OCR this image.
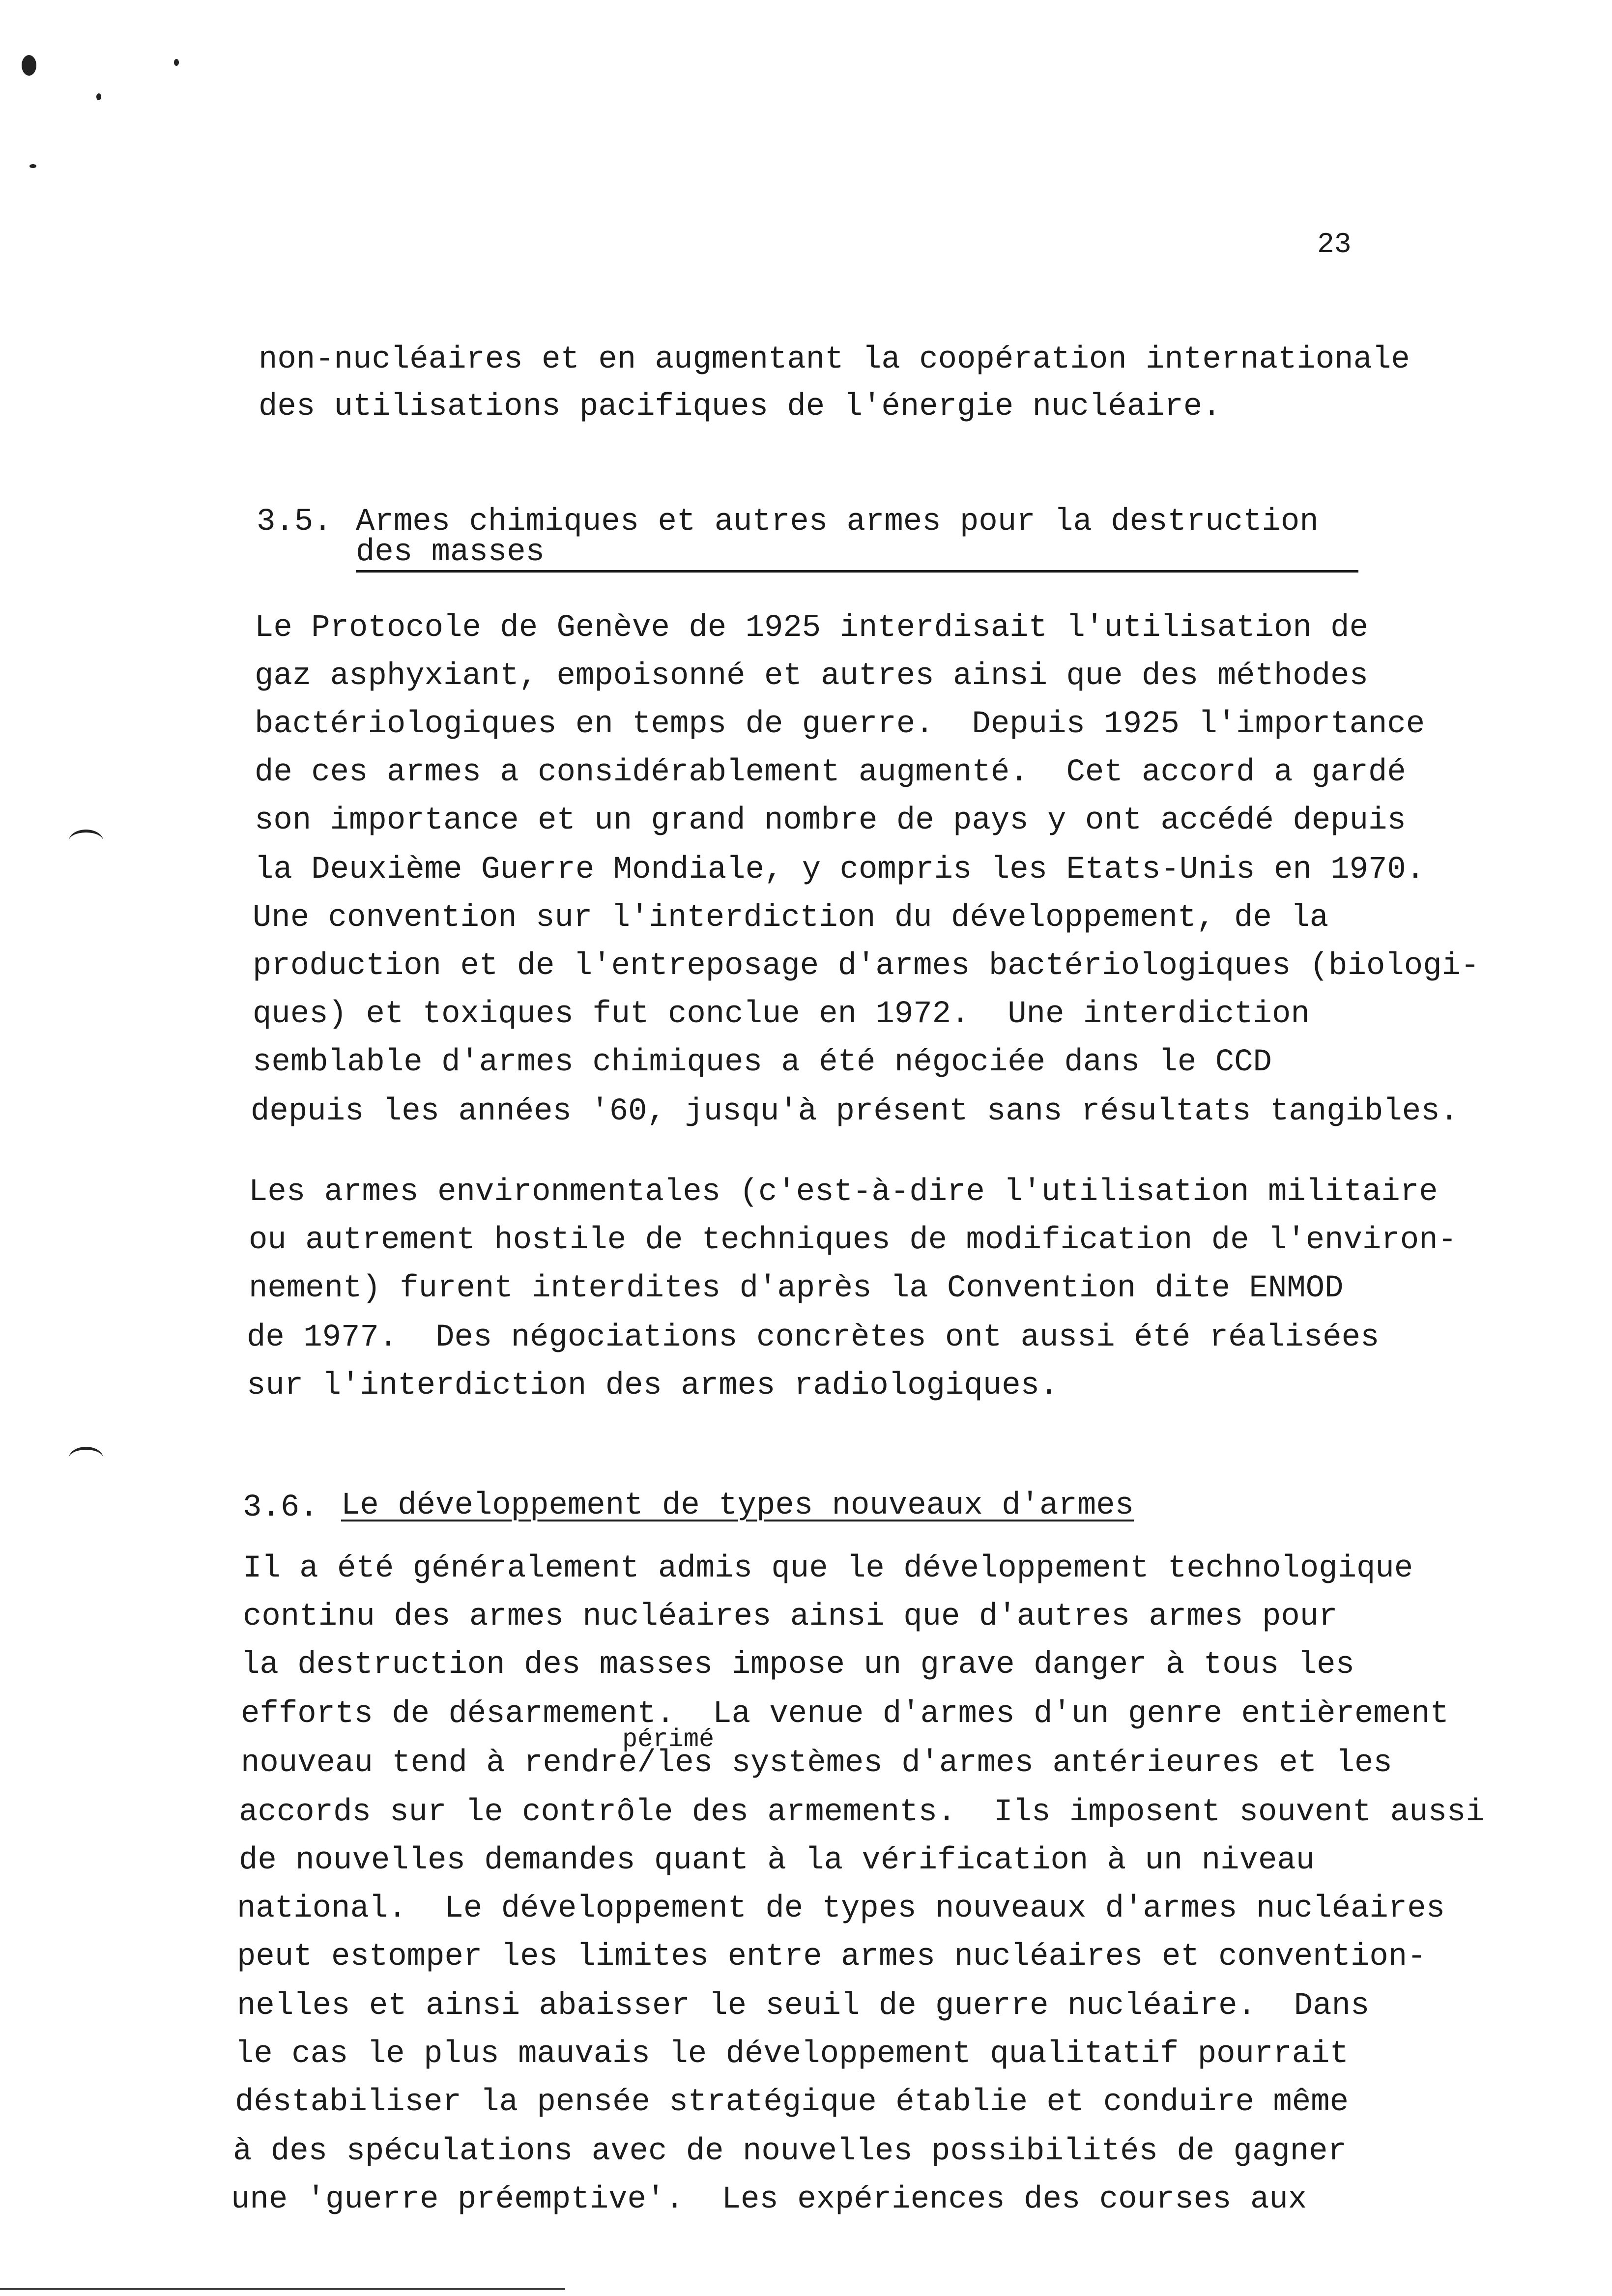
23
non-nucléaires et en augmentant la coopération internationale
des utilisations pacifiques de l'énergie nucléaire.
3.5. Armes chimiques et autres armes pour la destruction
des masses
Le Protocole de Genève de 1925 interdisait l'utilisation de
gaz asphyxiant, empoisonné et autres ainsi que des méthodes
bactériologiques en temps de guerre.  Depuis 1925 l'importance
de ces armes a considérablement augmenté.  Cet accord a gardé
son importance et un grand nombre de pays y ont accédé depuis
la Deuxième Guerre Mondiale, y compris les Etats-Unis en 1970.
Une convention sur l'interdiction du développement, de la
production et de l'entreposage d'armes bactériologiques (biologi-
ques) et toxiques fut conclue en 1972.  Une interdiction
semblable d'armes chimiques a été négociée dans le CCD
depuis les années '60, jusqu'à présent sans résultats tangibles.
Les armes environmentales (c'est-à-dire l'utilisation militaire
ou autrement hostile de techniques de modification de l'environ-
nement) furent interdites d'après la Convention dite ENMOD
de 1977.  Des négociations concrètes ont aussi été réalisées
sur l'interdiction des armes radiologiques.
3.6. Le développement de types nouveaux d'armes
Il a été généralement admis que le développement technologique
continu des armes nucléaires ainsi que d'autres armes pour
la destruction des masses impose un grave danger à tous les
efforts de désarmement.  La venue d'armes d'un genre entièrement
périmé
nouveau tend à rendre/les systèmes d'armes antérieures et les
accords sur le contrôle des armements.  Ils imposent souvent aussi
de nouvelles demandes quant à la vérification à un niveau
national.  Le développement de types nouveaux d'armes nucléaires
peut estomper les limites entre armes nucléaires et convention-
nelles et ainsi abaisser le seuil de guerre nucléaire.  Dans
le cas le plus mauvais le développement qualitatif pourrait
déstabiliser la pensée stratégique établie et conduire même
à des spéculations avec de nouvelles possibilités de gagner
une 'guerre préemptive'.  Les expériences des courses aux
